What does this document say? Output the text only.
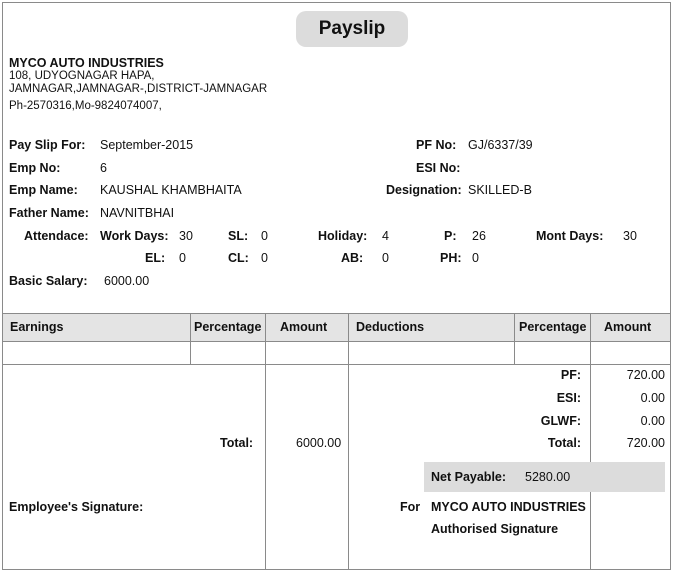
Payslip
MYCO AUTO INDUSTRIES
108, UDYOGNAGAR HAPA,
JAMNAGAR,JAMNAGAR-,DISTRICT-JAMNAGAR
Ph-2570316,Mo-9824074007,
Pay Slip For: September-2015
Emp No:	6
Emp Name: KAUSHAL KHAMBHAITA
Father Name: NAVNITBHAI
PF No: GJ/6337/39
ESI No:
Designation: SKILLED-B
Attendace: Work Days: 30	SL: 0	Holiday: 4	P: 26	Mont Days: 30
EL: 0	CL: 0	AB: 0	PH: 0
Basic Salary: 6000.00
Earnings	Percentage Amount Deductions	Percentage Amount
Total:	6000.00
PF:	720.00
ESI:	0.00
GLWF:	0.00
Total:	720.00
Net Payable: 5280.00
Employee's Signature:	For MYCO AUTO INDUSTRIES
Authorised Signature
